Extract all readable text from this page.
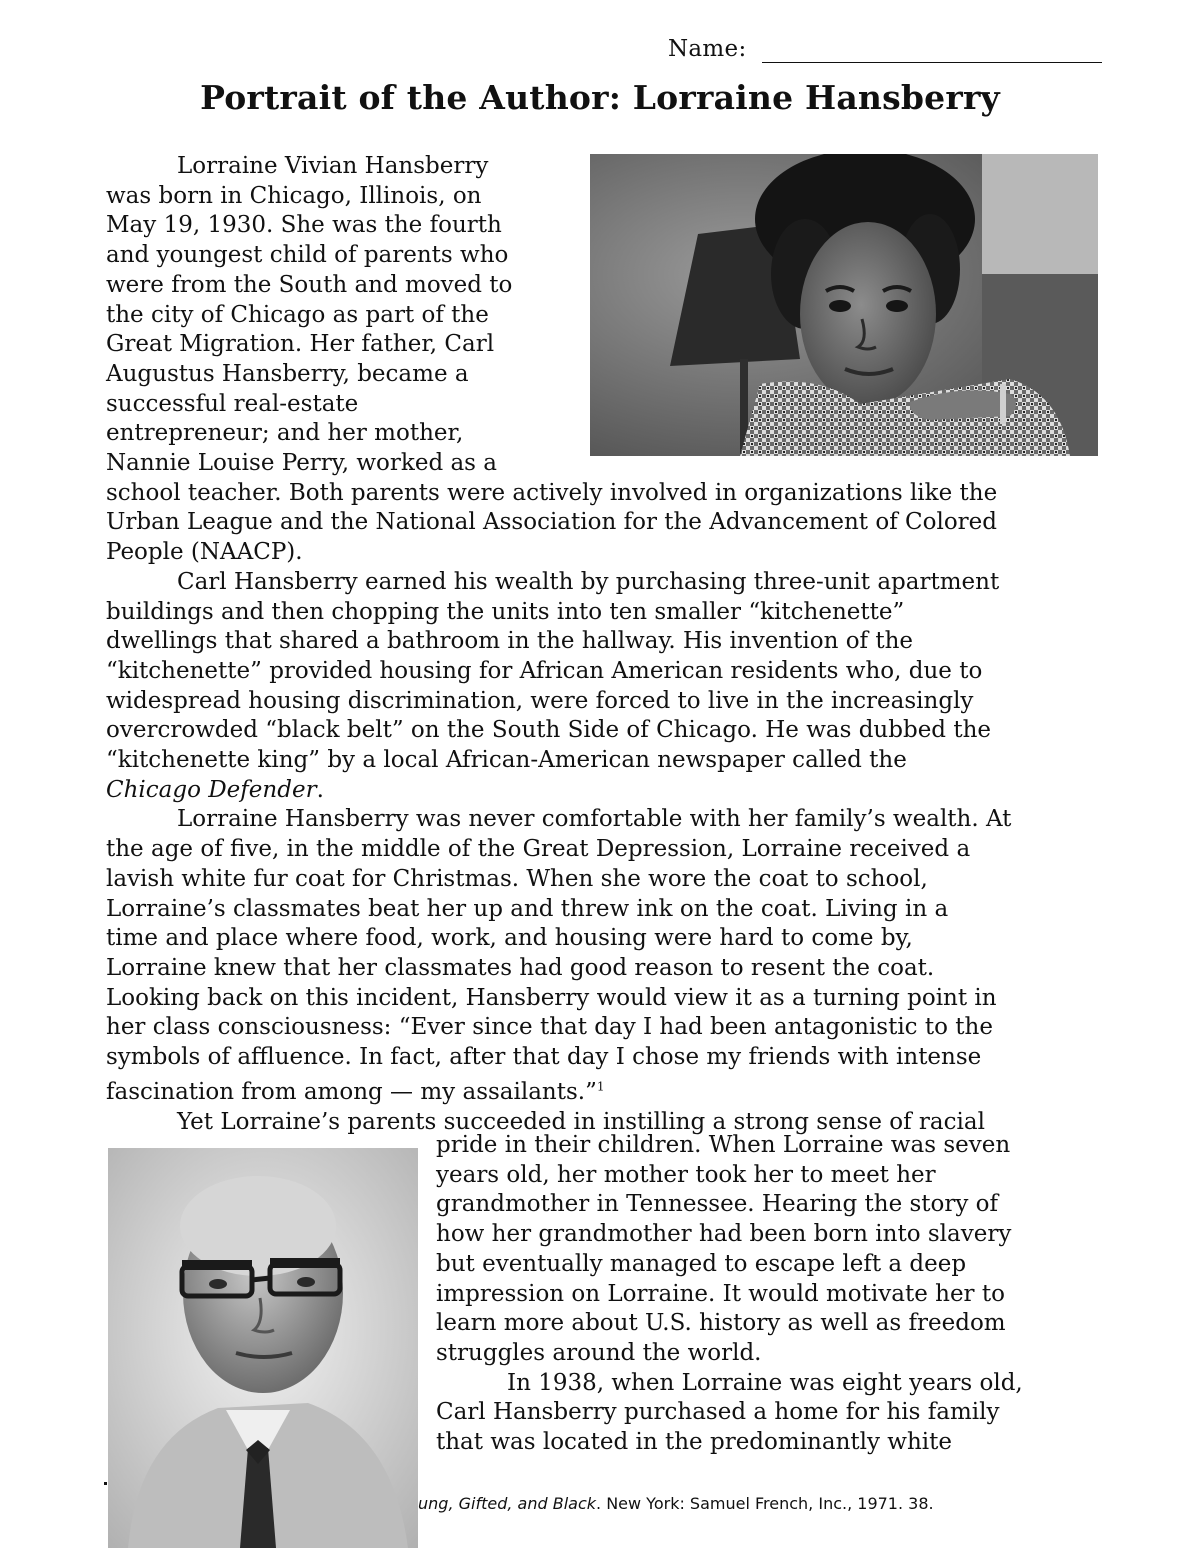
Name:
Portrait of the Author: Lorraine Hansberry
Lorraine Vivian Hansberry
was born in Chicago, Illinois, on
May 19, 1930. She was the fourth
and youngest child of parents who
were from the South and moved to
the city of Chicago as part of the
Great Migration. Her father, Carl
Augustus Hansberry, became a
successful real-estate
entrepreneur; and her mother,
Nannie Louise Perry, worked as a
school teacher. Both parents were actively involved in organizations like the
Urban League and the National Association for the Advancement of Colored
People (NAACP).
Carl Hansberry earned his wealth by purchasing three-unit apartment
buildings and then chopping the units into ten smaller “kitchenette”
dwellings that shared a bathroom in the hallway. His invention of the
“kitchenette” provided housing for African American residents who, due to
widespread housing discrimination, were forced to live in the increasingly
overcrowded “black belt” on the South Side of Chicago. He was dubbed the
“kitchenette king” by a local African-American newspaper called the
Chicago Defender.
Lorraine Hansberry was never comfortable with her family’s wealth. At
the age of five, in the middle of the Great Depression, Lorraine received a
lavish white fur coat for Christmas. When she wore the coat to school,
Lorraine’s classmates beat her up and threw ink on the coat. Living in a
time and place where food, work, and housing were hard to come by,
Lorraine knew that her classmates had good reason to resent the coat.
Looking back on this incident, Hansberry would view it as a turning point in
her class consciousness: “Ever since that day I had been antagonistic to the
symbols of affluence. In fact, after that day I chose my friends with intense
fascination from among — my assailants.”$^1$
Yet Lorraine’s parents succeeded in instilling a strong sense of racial
pride in their children. When Lorraine was seven
years old, her mother took her to meet her
grandmother in Tennessee. Hearing the story of
how her grandmother had been born into slavery
but eventually managed to escape left a deep
impression on Lorraine. It would motivate her to
learn more about U.S. history as well as freedom
struggles around the world.
In 1938, when Lorraine was eight years old,
Carl Hansberry purchased a home for his family
that was located in the predominantly white
ung, Gifted, and Black. New York: Samuel French, Inc., 1971. 38.
